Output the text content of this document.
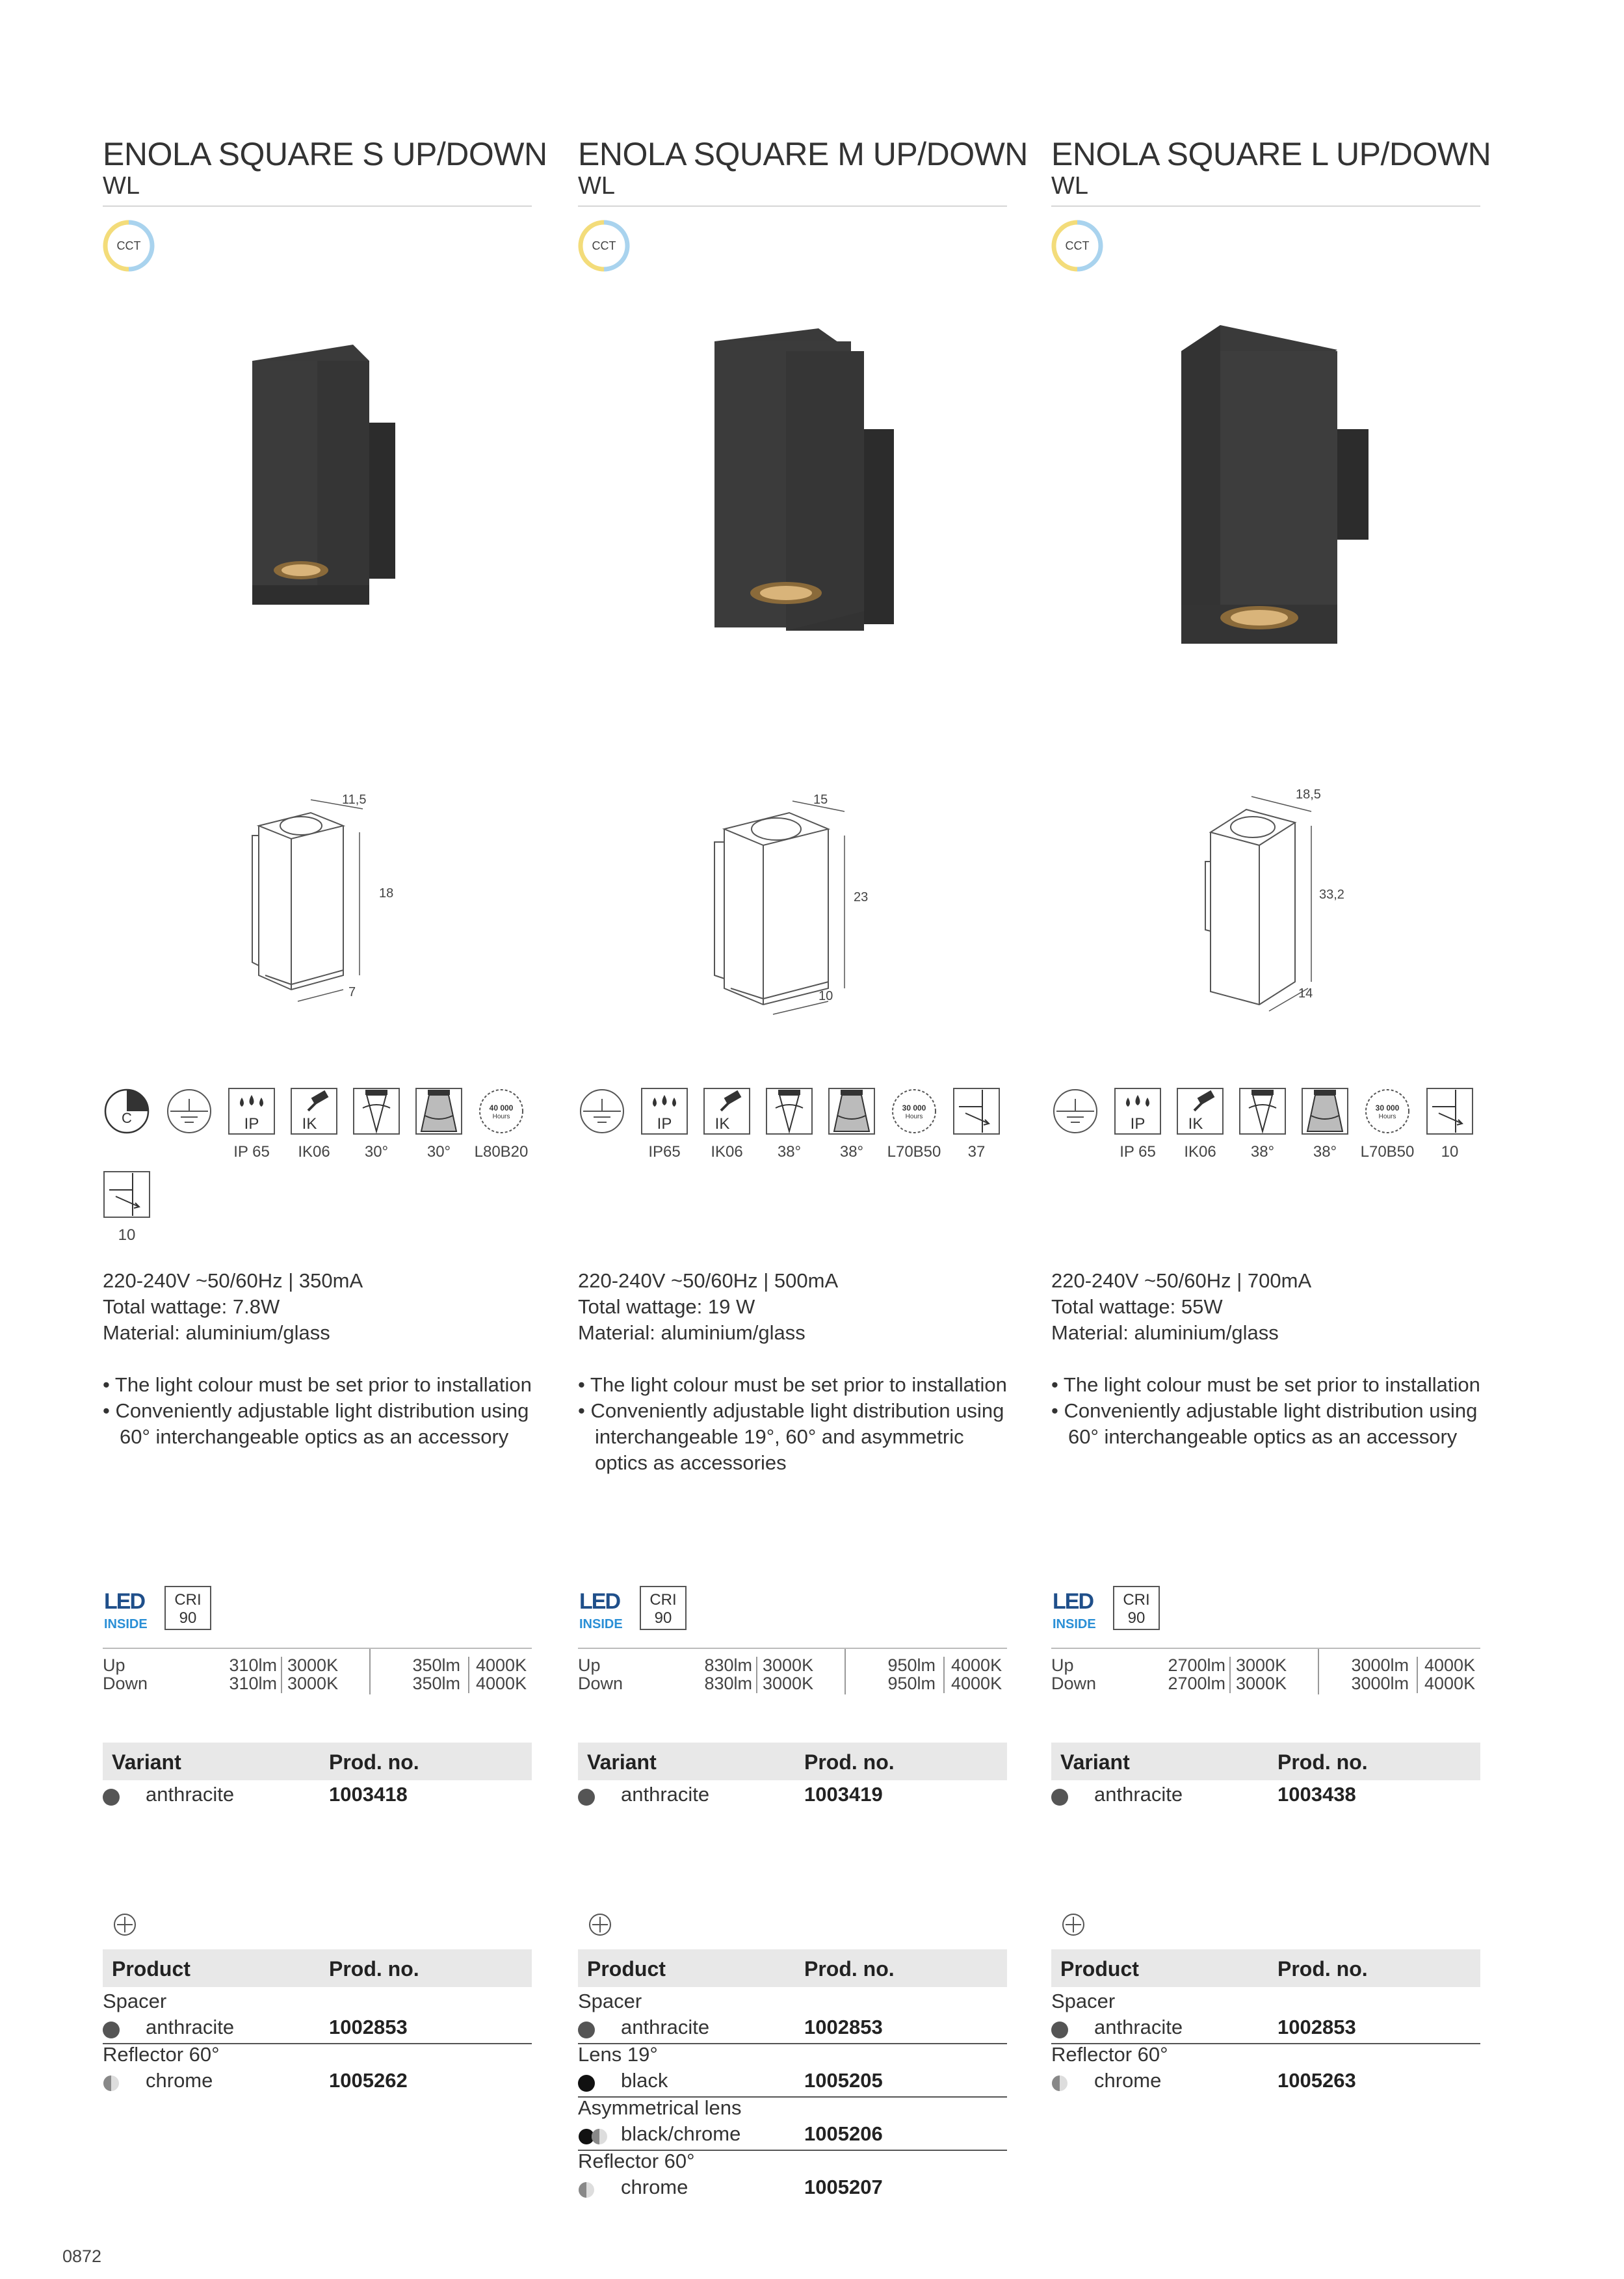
ENOLA SQUARE S UP/DOWN
WL
CCT
11,5
18
7
C	IP
IP 65
IK
IK06	30°	30°
40 000
Hours
L80B20
10
220-240V ~50/60Hz | 350mA
Total wattage: 7.8W
Material: aluminium/glass
• The light colour must be set prior to installation
• Conveniently adjustable light distribution using 60° interchangeable optics as an accessory
LED
INSIDE
CRI
90
Up	310lm 3000K	350lm 4000K
Down	310lm 3000K	350lm 4000K
Variant	Prod. no.
anthracite	1003418
Product	Prod. no.
Spacer
anthracite	1002853
Reflector 60°
chrome	1005262
ENOLA SQUARE M UP/DOWN
WL
CCT
15
23
10
IP
IP65
IK
IK06	38°	38°
30 000
Hours
L70B50	37
220-240V ~50/60Hz | 500mA
Total wattage: 19 W
Material: aluminium/glass
• The light colour must be set prior to installation
• Conveniently adjustable light distribution using interchangeable 19°, 60° and asymmetric optics as accessories
LED
INSIDE
CRI
90
Up	830lm 3000K	950lm 4000K
Down	830lm 3000K	950lm 4000K
Variant	Prod. no.
anthracite	1003419
Product	Prod. no.
Spacer
anthracite	1002853
Lens 19°
black	1005205
Asymmetrical lens
black/chrome	1005206
Reflector 60°
chrome	1005207
ENOLA SQUARE L UP/DOWN
WL
CCT
18,5
33,2
14
IP
IP 65
IK
IK06	38°	38°
30 000
Hours
L70B50	10
220-240V ~50/60Hz | 700mA
Total wattage: 55W
Material: aluminium/glass
• The light colour must be set prior to installation
• Conveniently adjustable light distribution using 60° interchangeable optics as an accessory
LED
INSIDE
CRI
90
Up	2700lm 3000K	3000lm 4000K
Down	2700lm 3000K	3000lm 4000K
Variant	Prod. no.
anthracite	1003438
Product	Prod. no.
Spacer
anthracite	1002853
Reflector 60°
chrome	1005263
0872
